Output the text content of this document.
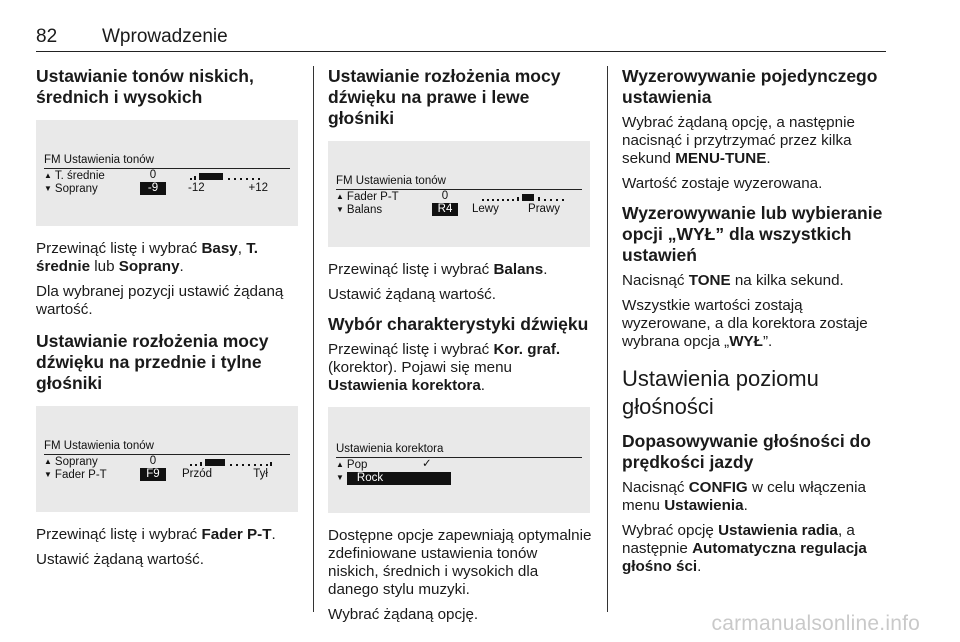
82 Wprowadzenie
Ustawianie tonów niskich, średnich i wysokich
FM Ustawienia tonów
▲ T. średnie	0
▼ Soprany	-9	-12	+12

Przewinąć listę i wybrać Basy, T. średnie lub Soprany.

Dla wybranej pozycji ustawić żądaną wartość.

Ustawianie rozłożenia mocy dźwięku na przednie i tylne głośniki
FM Ustawienia tonów
▲ Soprany	0
▼ Fader P-T	F9	Przód	Tył

Przewinąć listę i wybrać Fader P-T.

Ustawić żądaną wartość.

Ustawianie rozłożenia mocy dźwięku na prawe i lewe głośniki
FM Ustawienia tonów
▲ Fader P-T	0
▼ Balans	R4	Lewy	Prawy

Przewinąć listę i wybrać Balans.

Ustawić żądaną wartość.

Wybór charakterystyki dźwięku

Przewinąć listę i wybrać Kor. graf. (korektor). Pojawi się menu Ustawienia korektora.

Ustawienia korektora
▲ Pop	✓
▼ Rock

Dostępne opcje zapewniają optymalnie zdefiniowane ustawienia tonów niskich, średnich i wysokich dla danego stylu muzyki.

Wybrać żądaną opcję.

Wyzerowywanie pojedynczego ustawienia

Wybrać żądaną opcję, a następnie nacisnąć i przytrzymać przez kilka sekund MENU-TUNE.

Wartość zostaje wyzerowana.

Wyzerowywanie lub wybieranie opcji „WYŁ” dla wszystkich ustawień

Nacisnąć TONE na kilka sekund.

Wszystkie wartości zostają wyzerowane, a dla korektora zostaje wybrana opcja „WYŁ”.

Ustawienia poziomu głośności
Dopasowywanie głośności do prędkości jazdy

Nacisnąć CONFIG w celu włączenia menu Ustawienia.

Wybrać opcję Ustawienia radia, a następnie Automatyczna regulacja głośno ści.

carmanualsonline.info
